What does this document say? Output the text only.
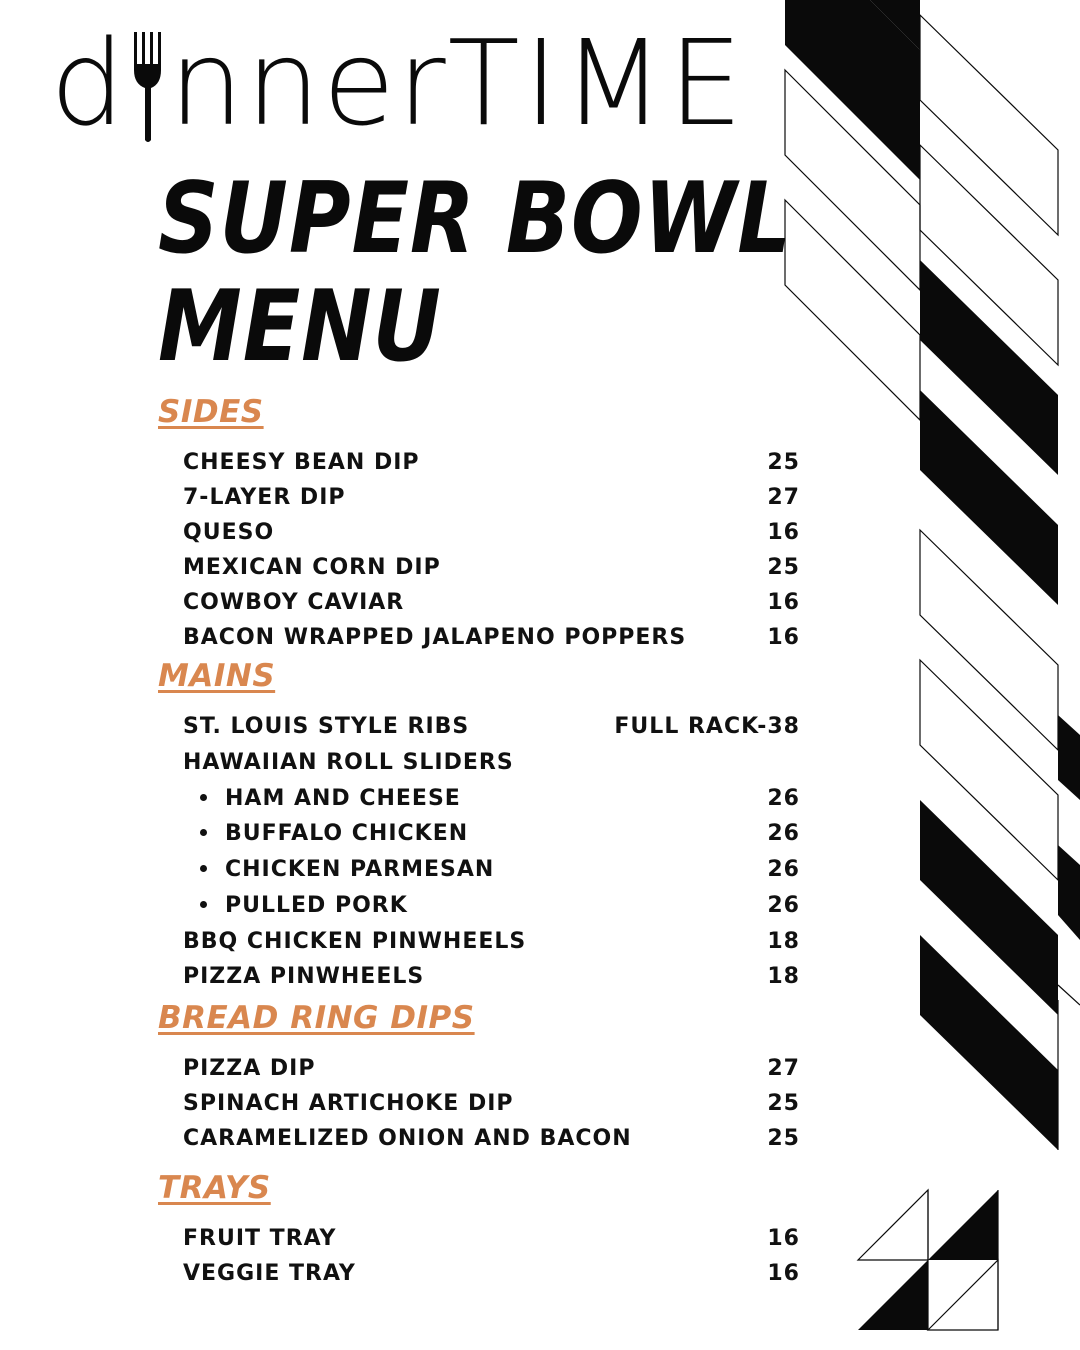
d nner TIME
SUPER BOWL
MENU
SIDES
CHEESY BEAN DIP	25
7-LAYER DIP	27
QUESO	16
MEXICAN CORN DIP	25
COWBOY CAVIAR	16
BACON WRAPPED JALAPENO POPPERS	16
MAINS
ST. LOUIS STYLE RIBS	FULL RACK-38
HAWAIIAN ROLL SLIDERS
HAM AND CHEESE	26
BUFFALO CHICKEN	26
CHICKEN PARMESAN	26
PULLED PORK	26
BBQ CHICKEN PINWHEELS	18
PIZZA PINWHEELS	18
BREAD RING DIPS
PIZZA DIP	27
SPINACH ARTICHOKE DIP	25
CARAMELIZED ONION AND BACON	25
TRAYS
FRUIT TRAY	16
VEGGIE TRAY	16
